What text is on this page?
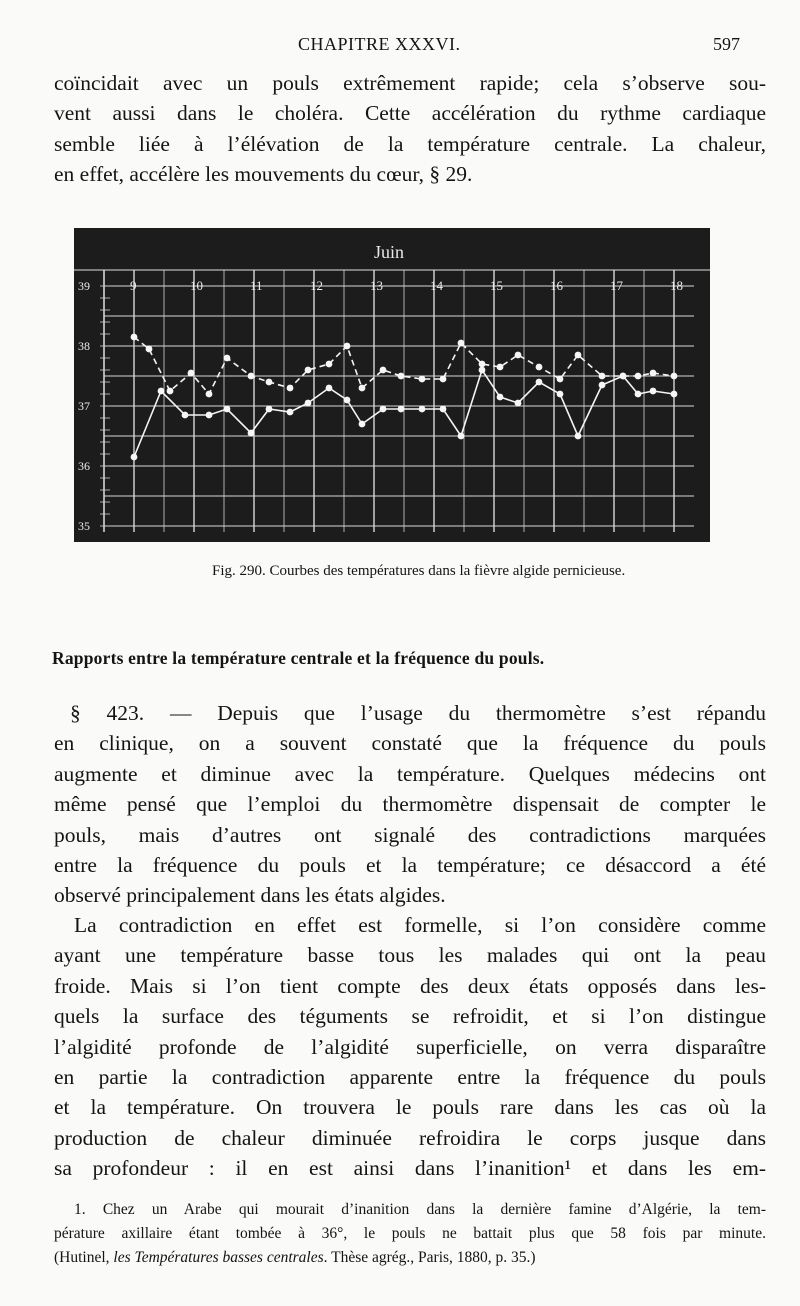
CHAPITRE XXXVI.	597
coïncidait avec un pouls extrêmement rapide; cela s’observe sou-
vent aussi dans le choléra. Cette accélération du rythme cardiaque
semble liée à l’élévation de la température centrale. La chaleur,
en effet, accélère les mouvements du cœur, § 29.
Juin
9	10	11	12	13	14	15	16	17	18
39
38
37
36
35
Fig. 290. Courbes des températures dans la fièvre algide pernicieuse.
Rapports entre la température centrale et la fréquence du pouls.
§ 423. — Depuis que l’usage du thermomètre s’est répandu
en clinique, on a souvent constaté que la fréquence du pouls
augmente et diminue avec la température. Quelques médecins ont
même pensé que l’emploi du thermomètre dispensait de compter le
pouls, mais d’autres ont signalé des contradictions marquées
entre la fréquence du pouls et la température; ce désaccord a été
observé principalement dans les états algides.
La contradiction en effet est formelle, si l’on considère comme
ayant une température basse tous les malades qui ont la peau
froide. Mais si l’on tient compte des deux états opposés dans les-
quels la surface des téguments se refroidit, et si l’on distingue
l’algidité profonde de l’algidité superficielle, on verra disparaître
en partie la contradiction apparente entre la fréquence du pouls
et la température. On trouvera le pouls rare dans les cas où la
production de chaleur diminuée refroidira le corps jusque dans
sa profondeur : il en est ainsi dans l’inanition¹ et dans les em-
1. Chez un Arabe qui mourait d’inanition dans la dernière famine d’Algérie, la tem-
pérature axillaire étant tombée à 36°, le pouls ne battait plus que 58 fois par minute.
(Hutinel, les Températures basses centrales. Thèse agrég., Paris, 1880, p. 35.)
